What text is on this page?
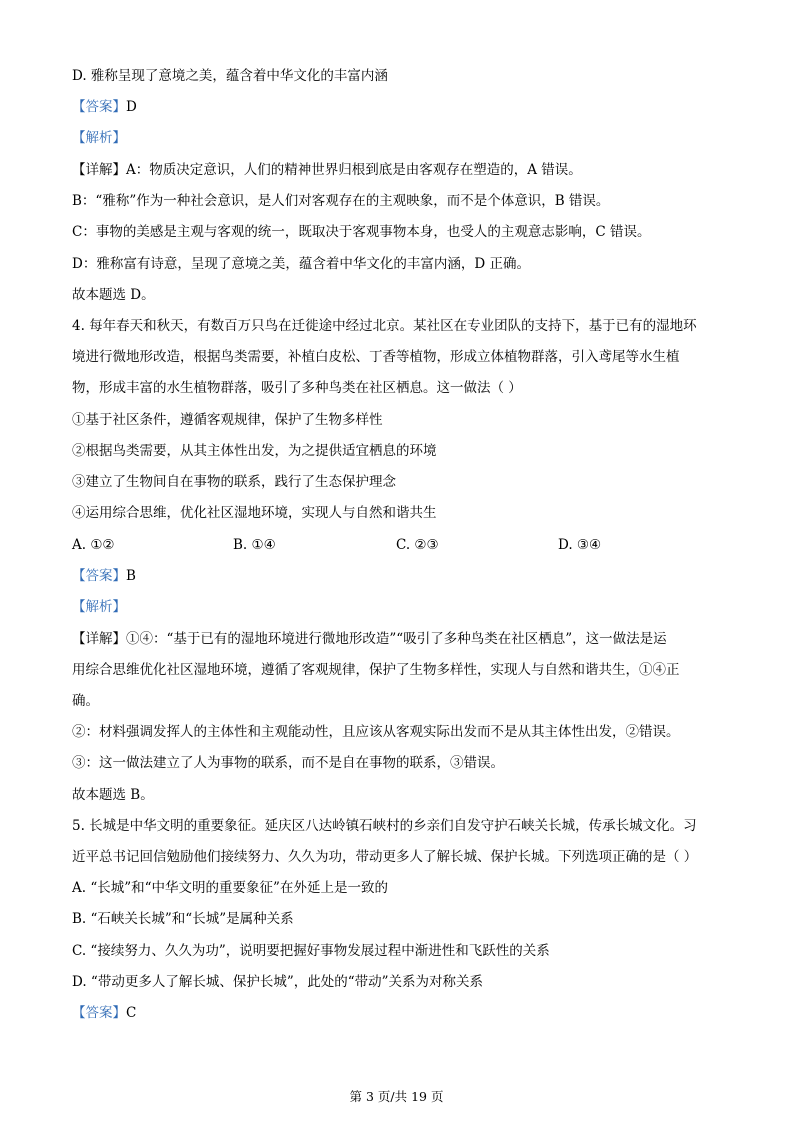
D. 雅称呈现了意境之美，蕴含着中华文化的丰富内涵
【答案】D
【解析】
【详解】A：物质决定意识，人们的精神世界归根到底是由客观存在塑造的，A 错误。
B：“雅称”作为一种社会意识，是人们对客观存在的主观映象，而不是个体意识，B 错误。
C：事物的美感是主观与客观的统一，既取决于客观事物本身，也受人的主观意志影响，C 错误。
D：雅称富有诗意，呈现了意境之美，蕴含着中华文化的丰富内涵，D 正确。
故本题选 D。
4. 每年春天和秋天，有数百万只鸟在迁徙途中经过北京。某社区在专业团队的支持下，基于已有的湿地环
境进行微地形改造，根据鸟类需要，补植白皮松、丁香等植物，形成立体植物群落，引入鸢尾等水生植
物，形成丰富的水生植物群落，吸引了多种鸟类在社区栖息。这一做法（ ）
①基于社区条件，遵循客观规律，保护了生物多样性
②根据鸟类需要，从其主体性出发，为之提供适宜栖息的环境
③建立了生物间自在事物的联系，践行了生态保护理念
④运用综合思维，优化社区湿地环境，实现人与自然和谐共生
A. ①②	B. ①④	C. ②③	D. ③④
【答案】B
【解析】
【详解】①④：“基于已有的湿地环境进行微地形改造”“吸引了多种鸟类在社区栖息”，这一做法是运
用综合思维优化社区湿地环境，遵循了客观规律，保护了生物多样性，实现人与自然和谐共生，①④正
确。
②：材料强调发挥人的主体性和主观能动性，且应该从客观实际出发而不是从其主体性出发，②错误。
③：这一做法建立了人为事物的联系，而不是自在事物的联系，③错误。
故本题选 B。
5. 长城是中华文明的重要象征。延庆区八达岭镇石峡村的乡亲们自发守护石峡关长城，传承长城文化。习
近平总书记回信勉励他们接续努力、久久为功，带动更多人了解长城、保护长城。下列选项正确的是（ ）
A. “长城”和“中华文明的重要象征”在外延上是一致的
B. “石峡关长城”和“长城”是属种关系
C. “接续努力、久久为功”，说明要把握好事物发展过程中渐进性和飞跃性的关系
D. “带动更多人了解长城、保护长城”，此处的“带动”关系为对称关系
【答案】C
第 3 页/共 19 页
